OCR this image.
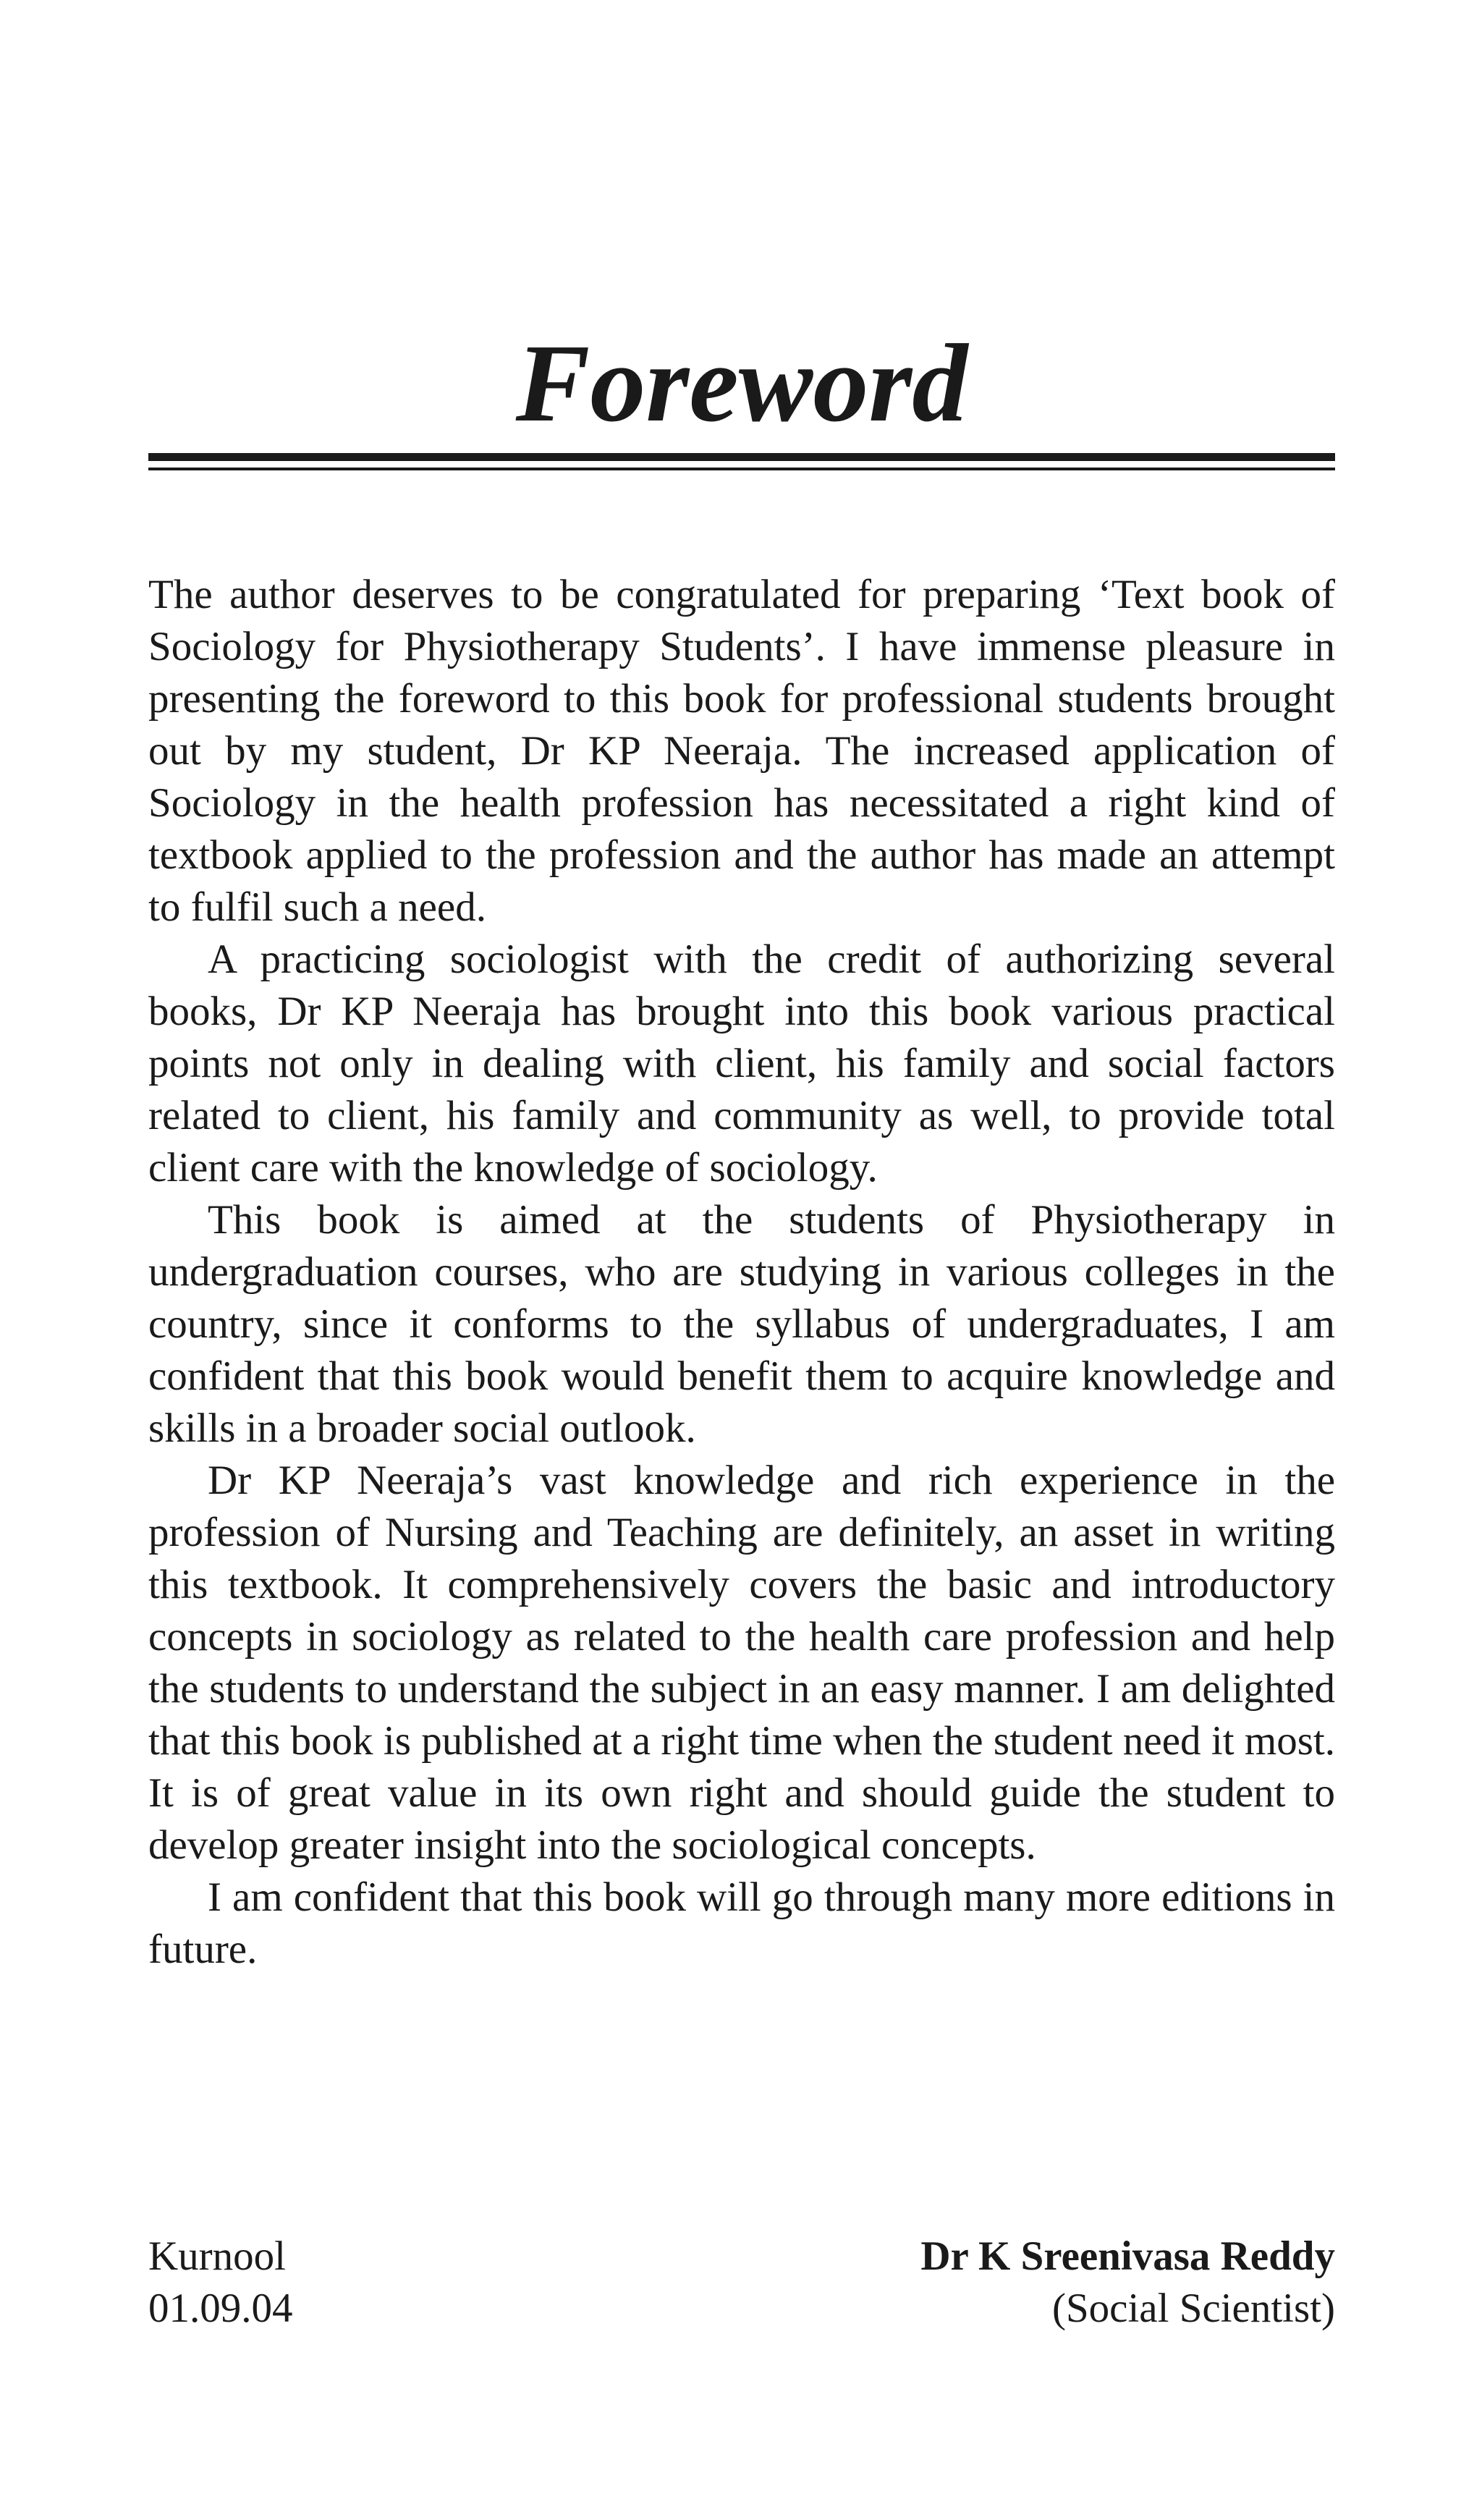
Foreword

The author deserves to be congratulated for preparing ‘Text book of Sociology for Physiotherapy Students’. I have immense pleasure in presenting the foreword to this book for professional students brought out by my student, Dr KP Neeraja. The increased application of Sociology in the health profession has necessitated a right kind of textbook applied to the profession and the author has made an attempt to fulfil such a need.

A practicing sociologist with the credit of authorizing several books, Dr KP Neeraja has brought into this book various practical points not only in dealing with client, his family and social factors related to client, his family and community as well, to provide total client care with the knowledge of sociology.

This book is aimed at the students of Physiotherapy in undergraduation courses, who are studying in various colleges in the country, since it conforms to the syllabus of undergraduates, I am confident that this book would benefit them to acquire knowledge and skills in a broader social outlook.

Dr KP Neeraja’s vast knowledge and rich experience in the profession of Nursing and Teaching are definitely, an asset in writing this textbook. It comprehensively covers the basic and introductory concepts in sociology as related to the health care profession and help the students to understand the subject in an easy manner. I am delighted that this book is published at a right time when the student need it most. It is of great value in its own right and should guide the student to develop greater insight into the sociological concepts.

I am confident that this book will go through many more editions in future.

Kurnool
01.09.04
Dr K Sreenivasa Reddy
(Social Scientist)
